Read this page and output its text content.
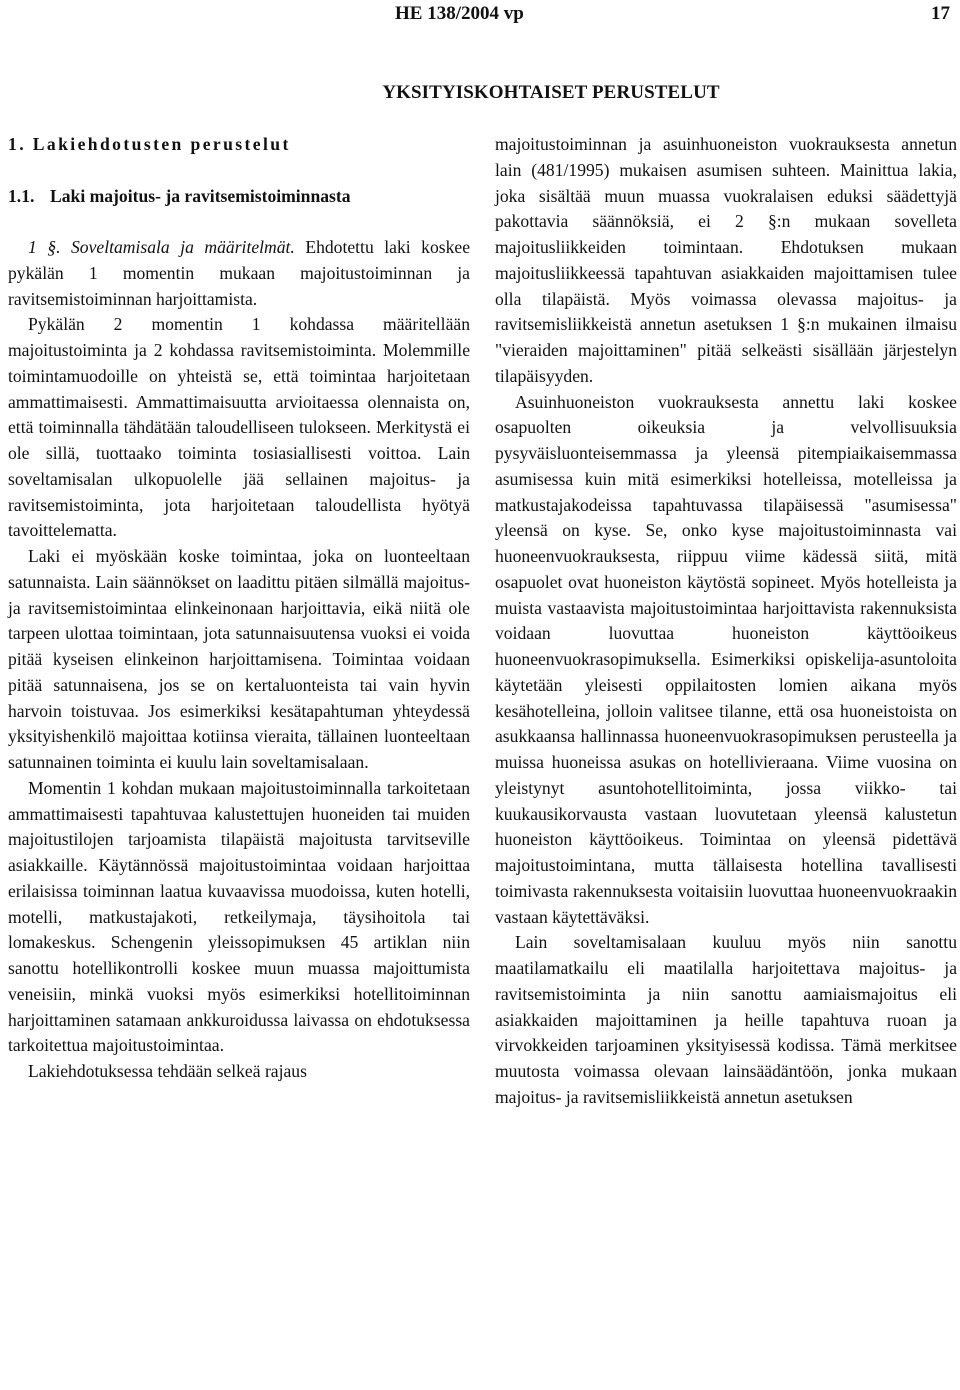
HE 138/2004 vp	17
YKSITYISKOHTAISET PERUSTELUT
1. Lakiehdotusten perustelut
1.1. Laki majoitus- ja ravitsemistoiminnasta

1 §. Soveltamisala ja määritelmät. Ehdotettu laki koskee pykälän 1 momentin mukaan majoitustoiminnan ja ravitsemistoiminnan harjoittamista.

Pykälän 2 momentin 1 kohdassa määritellään majoitustoiminta ja 2 kohdassa ravitsemistoiminta. Molemmille toimintamuodoille on yhteistä se, että toimintaa harjoitetaan ammattimaisesti. Ammattimaisuutta arvioitaessa olennaista on, että toiminnalla tähdätään taloudelliseen tulokseen. Merkitystä ei ole sillä, tuottaako toiminta tosiasiallisesti voittoa. Lain soveltamisalan ulkopuolelle jää sellainen majoitus- ja ravitsemistoiminta, jota harjoitetaan taloudellista hyötyä tavoittelematta.

Laki ei myöskään koske toimintaa, joka on luonteeltaan satunnaista. Lain säännökset on laadittu pitäen silmällä majoitus- ja ravitsemistoimintaa elinkeinonaan harjoittavia, eikä niitä ole tarpeen ulottaa toimintaan, jota satunnaisuutensa vuoksi ei voida pitää kyseisen elinkeinon harjoittamisena. Toimintaa voidaan pitää satunnaisena, jos se on kertaluonteista tai vain hyvin harvoin toistuvaa. Jos esimerkiksi kesätapahtuman yhteydessä yksityishenkilö majoittaa kotiinsa vieraita, tällainen luonteeltaan satunnainen toiminta ei kuulu lain soveltamisalaan.

Momentin 1 kohdan mukaan majoitustoiminnalla tarkoitetaan ammattimaisesti tapahtuvaa kalustettujen huoneiden tai muiden majoitustilojen tarjoamista tilapäistä majoitusta tarvitseville asiakkaille. Käytännössä majoitustoimintaa voidaan harjoittaa erilaisissa toiminnan laatua kuvaavissa muodoissa, kuten hotelli, motelli, matkustajakoti, retkeilymaja, täysihoitola tai lomakeskus. Schengenin yleissopimuksen 45 artiklan niin sanottu hotellikontrolli koskee muun muassa majoittumista veneisiin, minkä vuoksi myös esimerkiksi hotellitoiminnan harjoittaminen satamaan ankkuroidussa laivassa on ehdotuksessa tarkoitettua majoitustoimintaa.

Lakiehdotuksessa tehdään selkeä rajaus

majoitustoiminnan ja asuinhuoneiston vuokrauksesta annetun lain (481/1995) mukaisen asumisen suhteen. Mainittua lakia, joka sisältää muun muassa vuokralaisen eduksi säädettyjä pakottavia säännöksiä, ei 2 §:n mukaan sovelleta majoitusliikkeiden toimintaan. Ehdotuksen mukaan majoitusliikkeessä tapahtuvan asiakkaiden majoittamisen tulee olla tilapäistä. Myös voimassa olevassa majoitus- ja ravitsemisliikkeistä annetun asetuksen 1 §:n mukainen ilmaisu "vieraiden majoittaminen" pitää selkeästi sisällään järjestelyn tilapäisyyden.

Asuinhuoneiston vuokrauksesta annettu laki koskee osapuolten oikeuksia ja velvollisuuksia pysyväisluonteisemmassa ja yleensä pitempiaikaisemmassa asumisessa kuin mitä esimerkiksi hotelleissa, motelleissa ja matkustajakodeissa tapahtuvassa tilapäisessä "asumisessa" yleensä on kyse. Se, onko kyse majoitustoiminnasta vai huoneenvuokrauksesta, riippuu viime kädessä siitä, mitä osapuolet ovat huoneiston käytöstä sopineet. Myös hotelleista ja muista vastaavista majoitustoimintaa harjoittavista rakennuksista voidaan luovuttaa huoneiston käyttöoikeus huoneenvuokrasopimuksella. Esimerkiksi opiskelija-asuntoloita käytetään yleisesti oppilaitosten lomien aikana myös kesähotelleina, jolloin valitsee tilanne, että osa huoneistoista on asukkaansa hallinnassa huoneenvuokrasopimuksen perusteella ja muissa huoneissa asukas on hotellivieraana. Viime vuosina on yleistynyt asuntohotellitoiminta, jossa viikko- tai kuukausikorvausta vastaan luovutetaan yleensä kalustetun huoneiston käyttöoikeus. Toimintaa on yleensä pidettävä majoitustoimintana, mutta tällaisesta hotellina tavallisesti toimivasta rakennuksesta voitaisiin luovuttaa huoneenvuokraakin vastaan käytettäväksi.

Lain soveltamisalaan kuuluu myös niin sanottu maatilamatkailu eli maatilalla harjoitettava majoitus- ja ravitsemistoiminta ja niin sanottu aamiaismajoitus eli asiakkaiden majoittaminen ja heille tapahtuva ruoan ja virvokkeiden tarjoaminen yksityisessä kodissa. Tämä merkitsee muutosta voimassa olevaan lainsäädäntöön, jonka mukaan majoitus- ja ravitsemisliikkeistä annetun asetuksen
